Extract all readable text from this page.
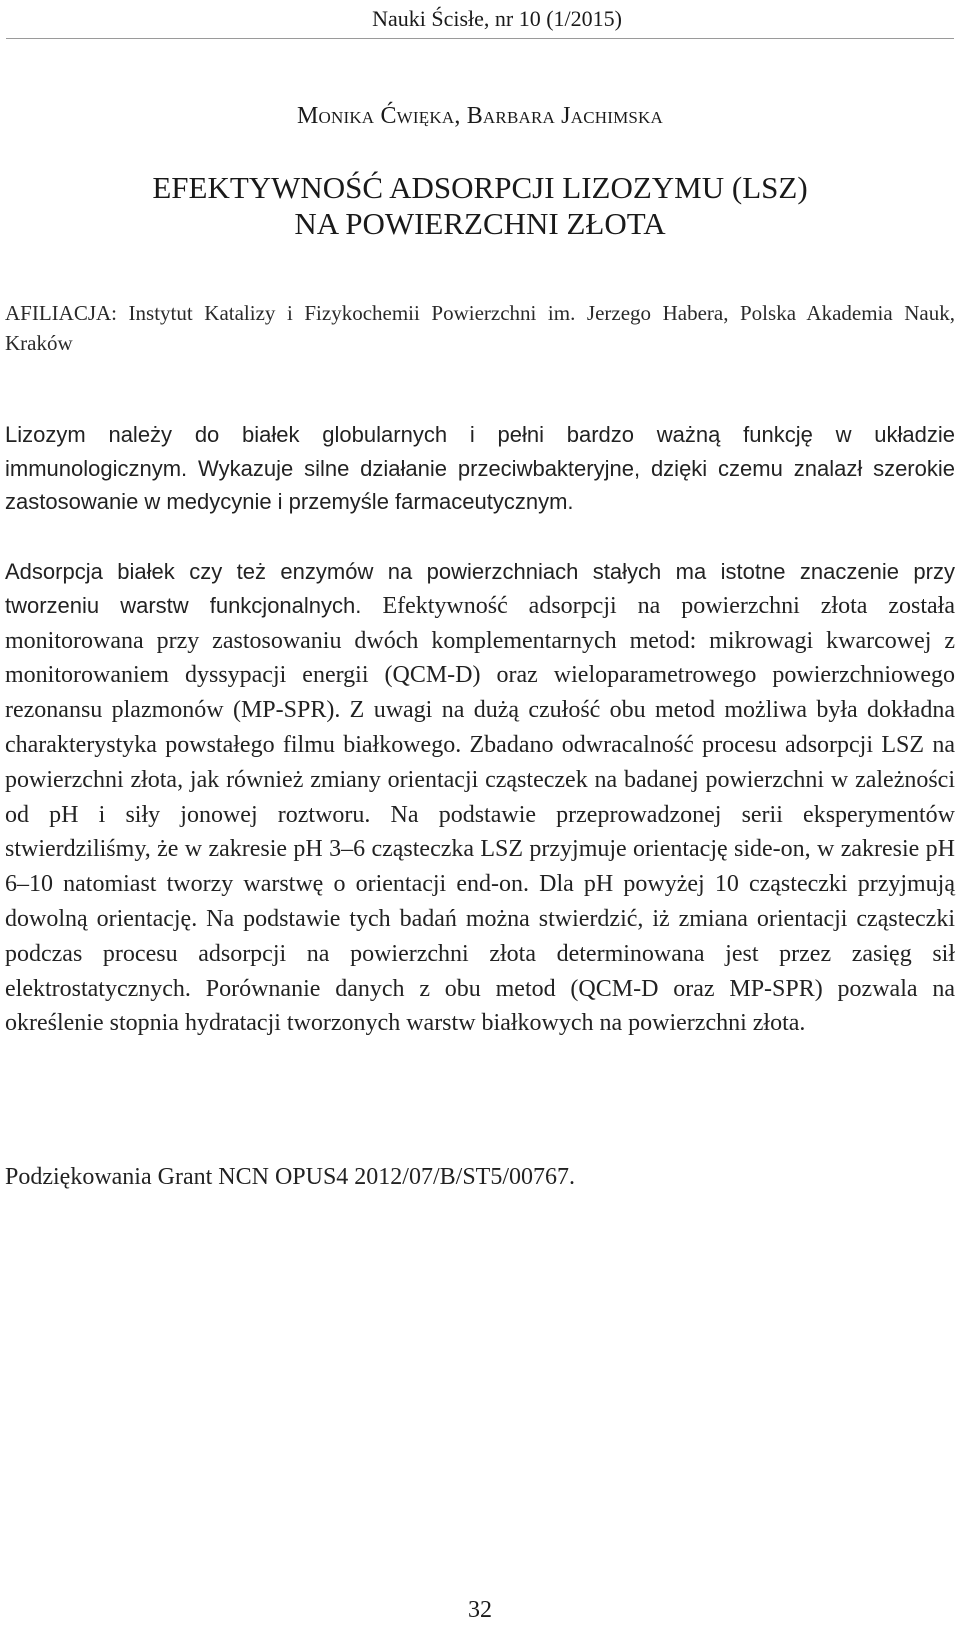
Nauki Ścisłe, nr 10 (1/2015)
Monika Ćwięka, Barbara Jachimska
EFEKTYWNOŚĆ ADSORPCJI LIZOZYMU (LSZ)
NA POWIERZCHNI ZŁOTA
AFILIACJA: Instytut Katalizy i Fizykochemii Powierzchni im. Jerzego Habera, Polska Akademia Nauk, Kraków

Lizozym należy do białek globularnych i pełni bardzo ważną funkcję w układzie immunologicznym. Wykazuje silne działanie przeciwbakteryjne, dzięki czemu znalazł szerokie zastosowanie w medycynie i przemyśle farmaceutycznym.

Adsorpcja białek czy też enzymów na powierzchniach stałych ma istotne znaczenie przy tworzeniu warstw funkcjonalnych. Efektywność adsorpcji na powierzchni złota została monitorowana przy zastosowaniu dwóch komplementarnych metod: mikrowagi kwarcowej z monitorowaniem dyssypacji energii (QCM-D) oraz wieloparametrowego powierzchniowego rezonansu plazmonów (MP-SPR). Z uwagi na dużą czułość obu metod możliwa była dokładna charakterystyka powstałego filmu białkowego. Zbadano odwracalność procesu adsorpcji LSZ na powierzchni złota, jak również zmiany orientacji cząsteczek na badanej powierzchni w zależności od pH i siły jonowej roztworu. Na podstawie przeprowadzonej serii eksperymentów stwierdziliśmy, że w zakresie pH 3–6 cząsteczka LSZ przyjmuje orientację side-on, w zakresie pH 6–10 natomiast tworzy warstwę o orientacji end-on. Dla pH powyżej 10 cząsteczki przyjmują dowolną orientację. Na podstawie tych badań można stwierdzić, iż zmiana orientacji cząsteczki podczas procesu adsorpcji na powierzchni złota determinowana jest przez zasięg sił elektrostatycznych. Porównanie danych z obu metod (QCM-D oraz MP-SPR) pozwala na określenie stopnia hydratacji tworzonych warstw białkowych na powierzchni złota.
Podziękowania Grant NCN OPUS4 2012/07/B/ST5/00767.
32
